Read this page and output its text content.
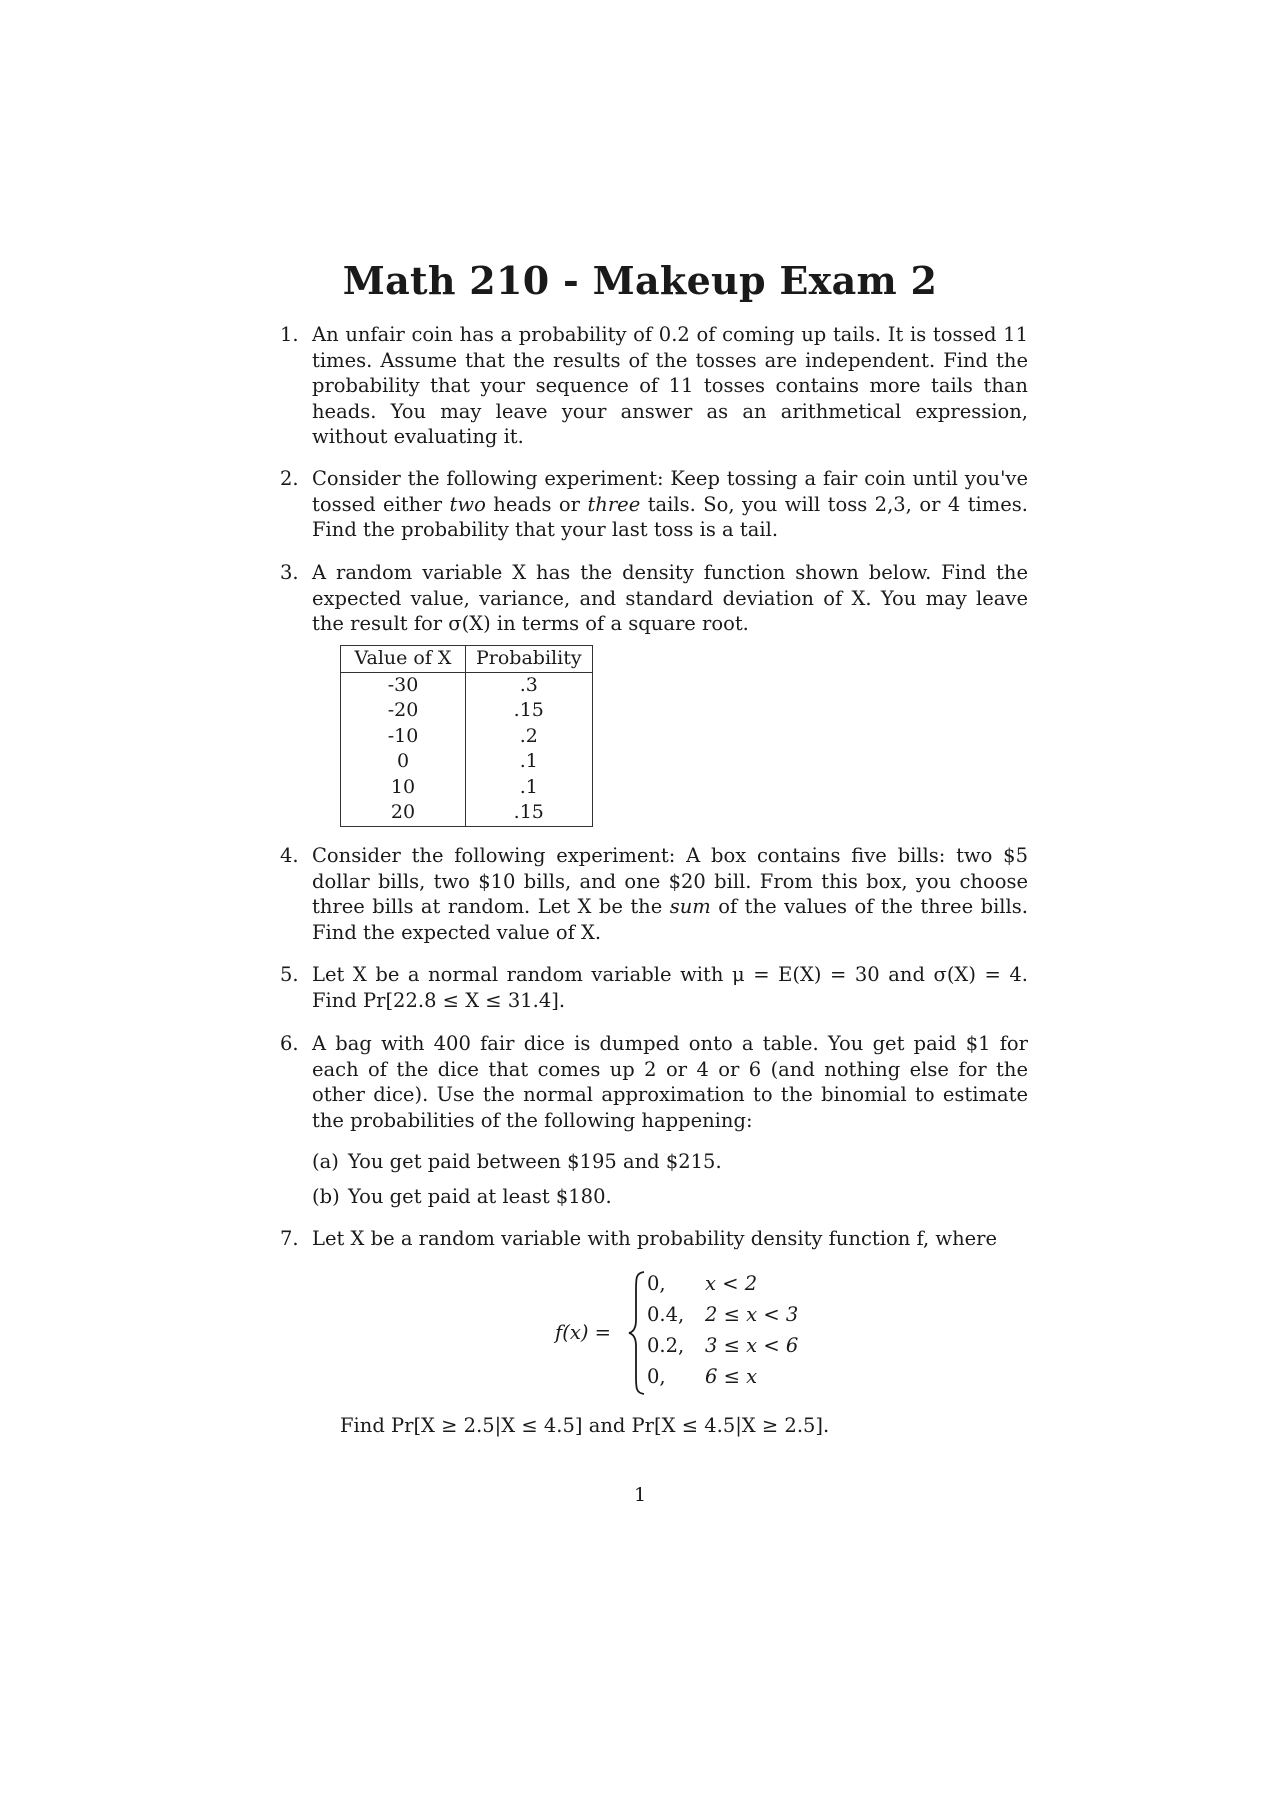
Math 210 - Makeup Exam 2
1. An unfair coin has a probability of 0.2 of coming up tails. It is tossed 11 times. Assume that the results of the tosses are independent. Find the probability that your sequence of 11 tosses contains more tails than heads. You may leave your answer as an arithmetical expression, without evaluating it.

2. Consider the following experiment: Keep tossing a fair coin until you've tossed either two heads or three tails. So, you will toss 2,3, or 4 times. Find the probability that your last toss is a tail.

3. A random variable X has the density function shown below. Find the expected value, variance, and standard deviation of X. You may leave the result for σ(X) in terms of a square root.

Value of X	Probability
-30	.3
-20	.15
-10	.2
0	.1
10	.1
20	.15
4. Consider the following experiment: A box contains five bills: two $5 dollar bills, two $10 bills, and one $20 bill. From this box, you choose three bills at random. Let X be the sum of the values of the three bills. Find the expected value of X.

5. Let X be a normal random variable with μ = E(X) = 30 and σ(X) = 4. Find Pr[22.8 ≤ X ≤ 31.4].

6. A bag with 400 fair dice is dumped onto a table. You get paid $1 for each of the dice that comes up 2 or 4 or 6 (and nothing else for the other dice). Use the normal approximation to the binomial to estimate the probabilities of the following happening:

(a) You get paid between $195 and $215.
(b) You get paid at least $180.
7. Let X be a random variable with probability density function f, where

f(x) =
0, x < 2
0.4, 2 ≤ x < 3
0.2, 3 ≤ x < 6
0, 6 ≤ x
Find Pr[X ≥ 2.5|X ≤ 4.5] and Pr[X ≤ 4.5|X ≥ 2.5].
1
